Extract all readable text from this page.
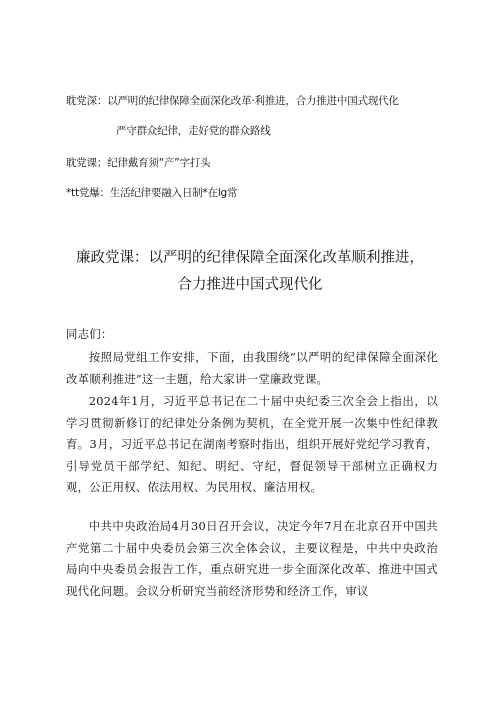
耽党深：以严明的纪律保障全面深化改革·利推进，合力推进中国式现代化
严守群众纪律，走好党的群众路线
耽党课；纪律戴育须“产”字打头
*tt党爆：生活纪律要融入日制*在lg常
廉政党课：以严明的纪律保障全面深化改革顺利推进，
合力推进中国式现代化
同志们：

按照局党组工作安排，下面，由我围绕“以严明的纪律保障全面深化改革顺利推进”这一主题，给大家讲一堂廉政党课。

2024年1月，习近平总书记在二十届中央纪委三次全会上指出，以学习贯彻新修订的纪律处分条例为契机，在全党开展一次集中性纪律教育。3月，习近平总书记在湖南考察时指出，组织开展好党纪学习教育，引导党员干部学纪、知纪、明纪、守纪，督促领导干部树立正确权力观，公正用权、依法用权、为民用权、廉洁用权。

中共中央政治局4月30日召开会议，决定今年7月在北京召开中国共产党第二十届中央委员会第三次全体会议，主要议程是，中共中央政治局向中央委员会报告工作，重点研究进一步全面深化改革、推进中国式现代化问题。会议分析研究当前经济形势和经济工作，审议
